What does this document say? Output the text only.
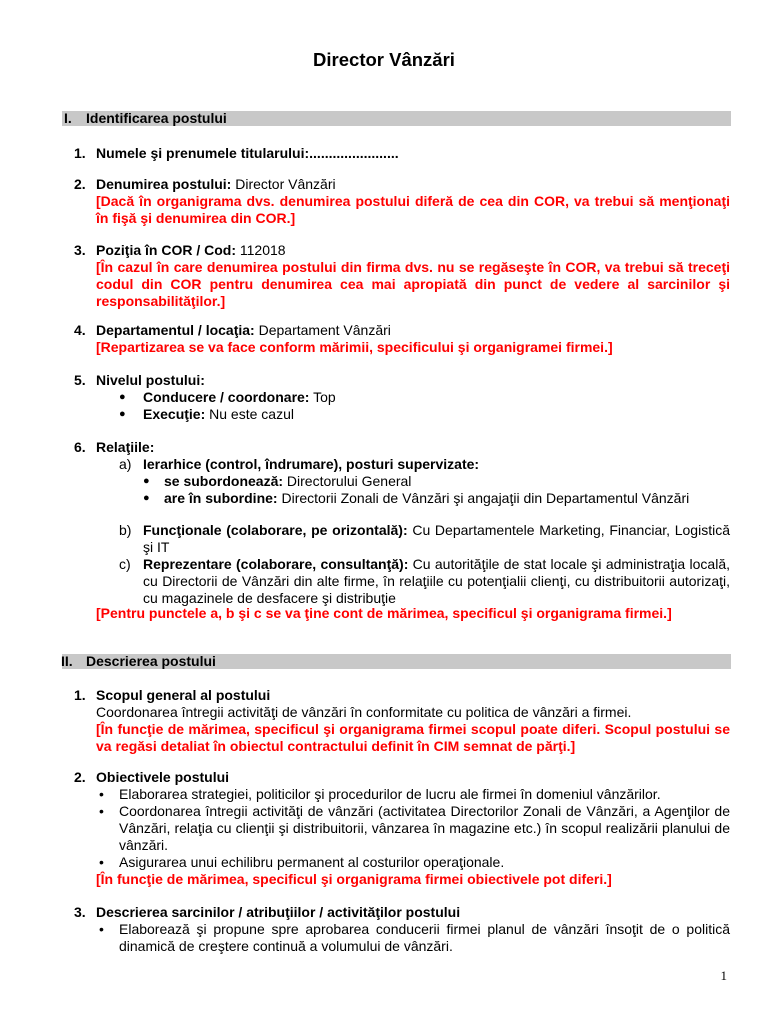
Director Vânzări
I. Identificarea postului
1. Numele şi prenumele titularului:.......................
2. Denumirea postului: Director Vânzări
[Dacă în organigrama dvs. denumirea postului diferă de cea din COR, va trebui să menţionaţi în fişă şi denumirea din COR.]
3. Poziţia în COR / Cod: 112018
[În cazul în care denumirea postului din firma dvs. nu se regăseşte în COR, va trebui să treceţi codul din COR pentru denumirea cea mai apropiată din punct de vedere al sarcinilor şi responsabilităţilor.]
4. Departamentul / locaţia: Departament Vânzări
[Repartizarea se va face conform mărimii, specificului şi organigramei firmei.]
5. Nivelul postului:
● Conducere / coordonare: Top
● Execuţie: Nu este cazul
6. Relaţiile:
a) Ierarhice (control, îndrumare), posturi supervizate:
● se subordonează: Directorului General
● are în subordine: Directorii Zonali de Vânzări şi angajaţii din Departamentul Vânzări
b) Funcţionale (colaborare, pe orizontală): Cu Departamentele Marketing, Financiar, Logistică şi IT
c) Reprezentare (colaborare, consultanţă): Cu autorităţile de stat locale şi administraţia locală, cu Directorii de Vânzări din alte firme, în relaţiile cu potenţialii clienţi, cu distribuitorii autorizaţi, cu magazinele de desfacere şi distribuţie
[Pentru punctele a, b şi c se va ţine cont de mărimea, specificul şi organigrama firmei.]
II. Descrierea postului
1. Scopul general al postului
Coordonarea întregii activităţi de vânzări în conformitate cu politica de vânzări a firmei.
[În funcţie de mărimea, specificul şi organigrama firmei scopul poate diferi. Scopul postului se va regăsi detaliat în obiectul contractului definit în CIM semnat de părţi.]
2. Obiectivele postului
• Elaborarea strategiei, politicilor şi procedurilor de lucru ale firmei în domeniul vânzărilor.
• Coordonarea întregii activităţi de vânzări (activitatea Directorilor Zonali de Vânzări, a Agenţilor de Vânzări, relaţia cu clienţii şi distribuitorii, vânzarea în magazine etc.) în scopul realizării planului de vânzări.
• Asigurarea unui echilibru permanent al costurilor operaţionale.
[În funcţie de mărimea, specificul şi organigrama firmei obiectivele pot diferi.]
3. Descrierea sarcinilor / atribuţiilor / activităţilor postului
• Elaborează şi propune spre aprobarea conducerii firmei planul de vânzări însoţit de o politică dinamică de creştere continuă a volumului de vânzări.
1
